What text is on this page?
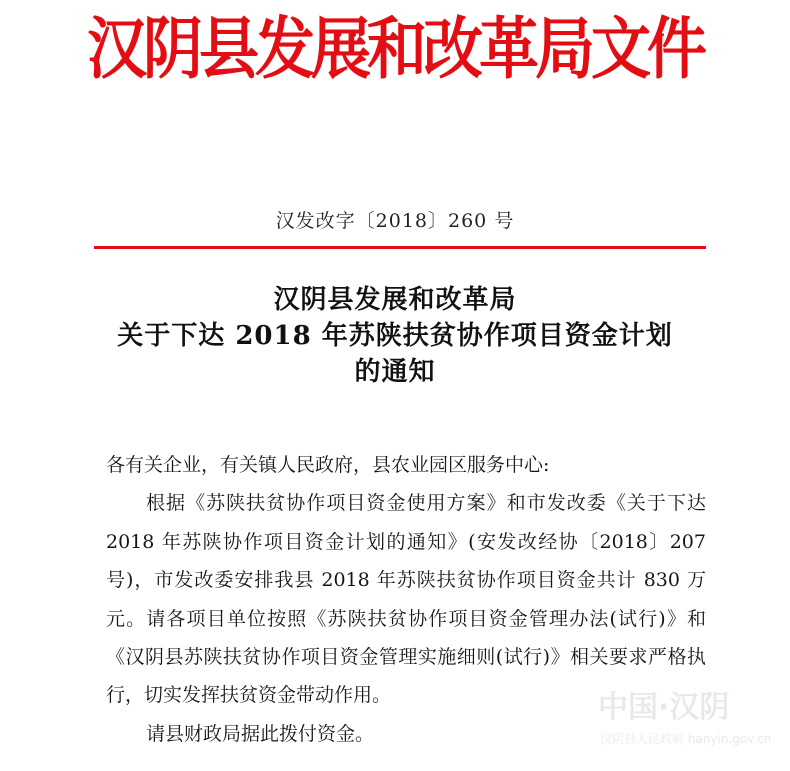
汉阴县发展和改革局文件
汉发改字〔2018〕260 号
汉阴县发展和改革局
关于下达 2018 年苏陕扶贫协作项目资金计划
的通知

各有关企业，有关镇人民政府，县农业园区服务中心:

根据《苏陕扶贫协作项目资金使用方案》和市发改委《关于下达 2018 年苏陕协作项目资金计划的通知》(安发改经协〔2018〕207 号)，市发改委安排我县 2018 年苏陕扶贫协作项目资金共计 830 万元。请各项目单位按照《苏陕扶贫协作项目资金管理办法(试行)》和《汉阴县苏陕扶贫协作项目资金管理实施细则(试行)》相关要求严格执行，切实发挥扶贫资金带动作用。

请县财政局据此拨付资金。

中国·汉阴
汉阴县人民政府 hanyin.gov.cn
